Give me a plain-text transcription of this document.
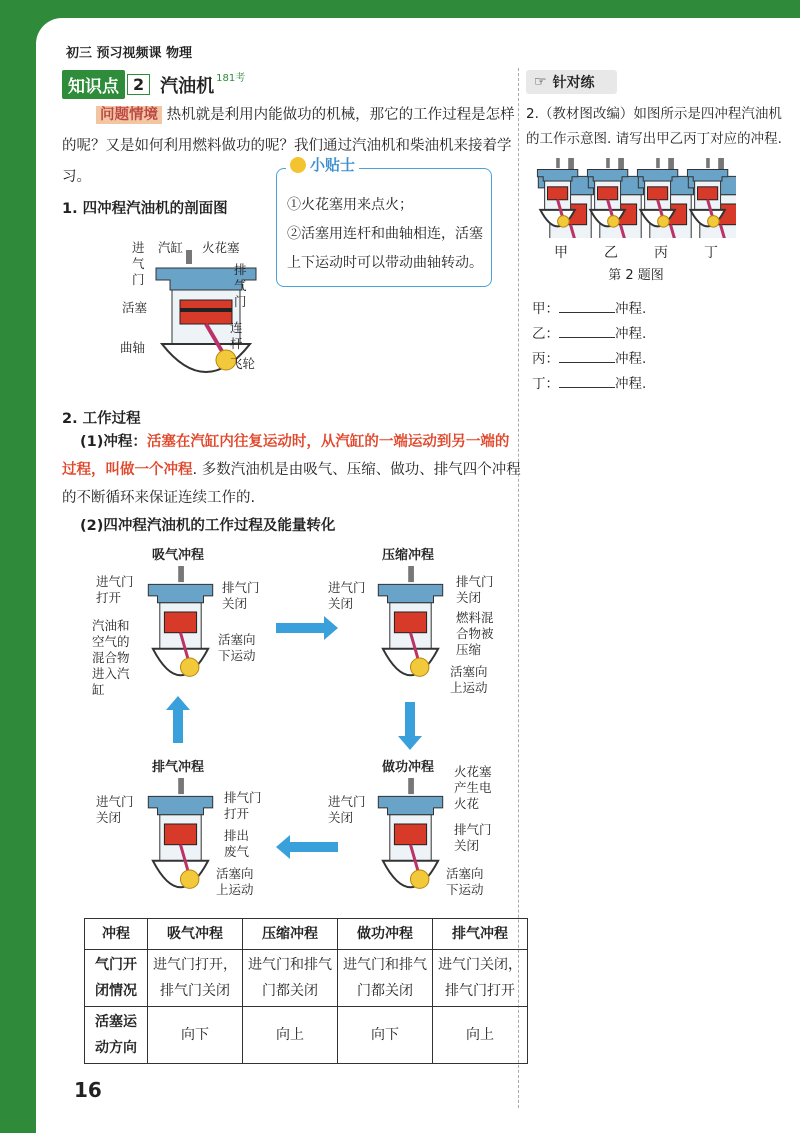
初三 预习视频课 物理
知识点 2 汽油机 181考
问题情境 热机就是利用内能做功的机械，那它的工作过程是怎样的呢？又是如何利用燃料做功的呢？我们通过汽油机和柴油机来接着学习。
1. 四冲程汽油机的剖面图
进气门
汽缸 火花塞
排气门
活塞
连杆
曲轴
飞轮
①火花塞用来点火；
②活塞用连杆和曲轴相连，活塞上下运动时可以带动曲轴转动。
小贴士
2. 工作过程
(1)冲程：活塞在汽缸内往复运动时，从汽缸的一端运动到另一端的过程，叫做一个冲程. 多数汽油机是由吸气、压缩、做功、排气四个冲程的不断循环来保证连续工作的.
(2)四冲程汽油机的工作过程及能量转化
吸气冲程	压缩冲程
做功冲程
排气冲程
进气门打开
排气门关闭
汽油和空气的混合物进入汽缸
活塞向下运动
进气门关闭
排气门关闭
燃料混合物被压缩
活塞向上运动
进气门关闭
排气门打开
排出废气
活塞向上运动
进气门关闭
火花塞产生电火花
排气门关闭
活塞向下运动
冲程	吸气冲程	压缩冲程	做功冲程	排气冲程
气门开闭情况	进气门打开，排气门关闭	进气门和排气门都关闭	进气门和排气门都关闭	进气门关闭，排气门打开
活塞运动方向	向下	向上	向下	向上
16
☞ 针对练
2.（教材图改编）如图所示是四冲程汽油机的工作示意图. 请写出甲乙丙丁对应的冲程.
甲	乙	丙	丁
第 2 题图
甲：	冲程.
乙：	冲程.
丙：	冲程.
丁：	冲程.
